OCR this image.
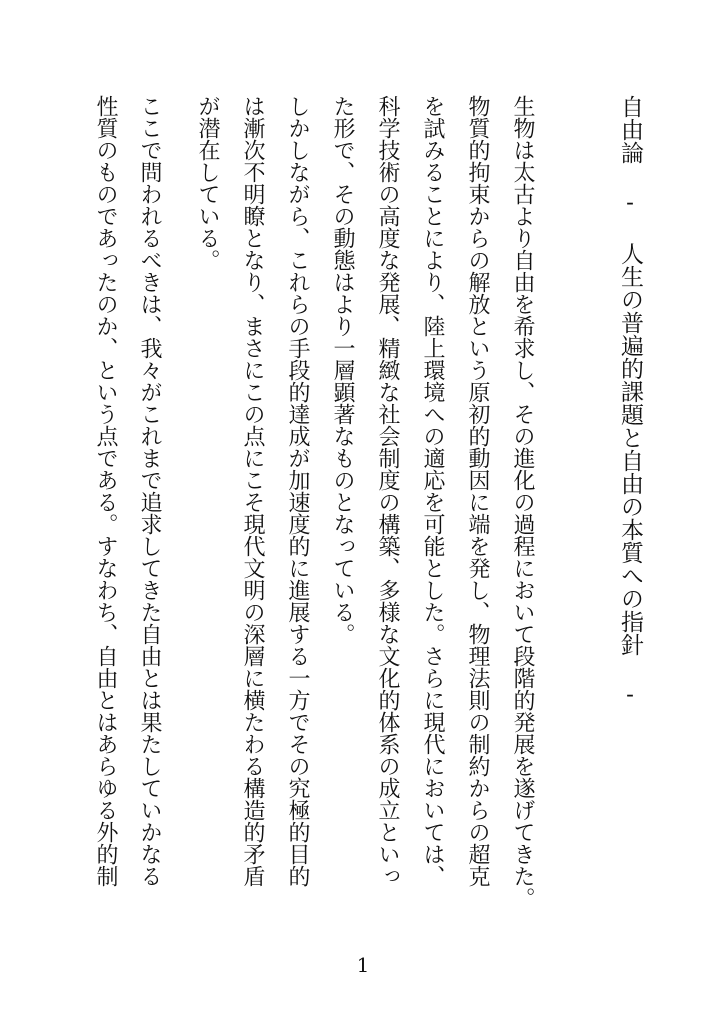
自由論 - 人生の普遍的課題と自由の本質への指針 -
生物は太古より自由を希求し、その進化の過程において段階的発展を遂げてきた。
物質的拘束からの解放という原初的動因に端を発し、物理法則の制約からの超克
を試みることにより、陸上環境への適応を可能とした。さらに現代においては、
科学技術の高度な発展、精緻な社会制度の構築、多様な文化的体系の成立といっ
た形で、その動態はより一層顕著なものとなっている。
しかしながら、これらの手段的達成が加速度的に進展する一方でその究極的目的
は漸次不明瞭となり、まさにこの点にこそ現代文明の深層に横たわる構造的矛盾
が潜在している。
ここで問われるべきは、我々がこれまで追求してきた自由とは果たしていかなる
性質のものであったのか、という点である。すなわち、自由とはあらゆる外的制
1
